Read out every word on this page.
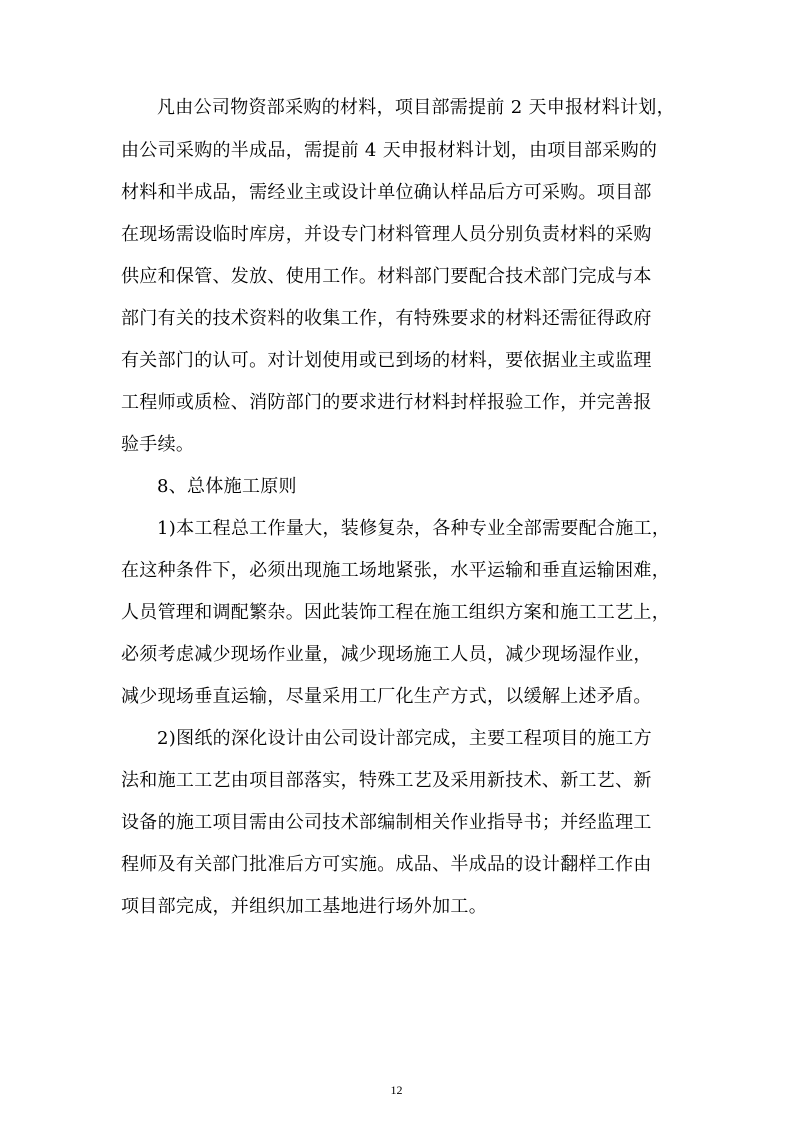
凡由公司物资部采购的材料，项目部需提前 2 天申报材料计划，
由公司采购的半成品，需提前 4 天申报材料计划，由项目部采购的
材料和半成品，需经业主或设计单位确认样品后方可采购。项目部
在现场需设临时库房，并设专门材料管理人员分别负责材料的采购
供应和保管、发放、使用工作。材料部门要配合技术部门完成与本
部门有关的技术资料的收集工作，有特殊要求的材料还需征得政府
有关部门的认可。对计划使用或已到场的材料，要依据业主或监理
工程师或质检、消防部门的要求进行材料封样报验工作，并完善报
验手续。
8、总体施工原则
1)本工程总工作量大，装修复杂，各种专业全部需要配合施工，
在这种条件下，必须出现施工场地紧张，水平运输和垂直运输困难，
人员管理和调配繁杂。因此装饰工程在施工组织方案和施工工艺上，
必须考虑减少现场作业量，减少现场施工人员，减少现场湿作业，
减少现场垂直运输，尽量采用工厂化生产方式，以缓解上述矛盾。
2)图纸的深化设计由公司设计部完成，主要工程项目的施工方
法和施工工艺由项目部落实，特殊工艺及采用新技术、新工艺、新
设备的施工项目需由公司技术部编制相关作业指导书；并经监理工
程师及有关部门批准后方可实施。成品、半成品的设计翻样工作由
项目部完成，并组织加工基地进行场外加工。
12
